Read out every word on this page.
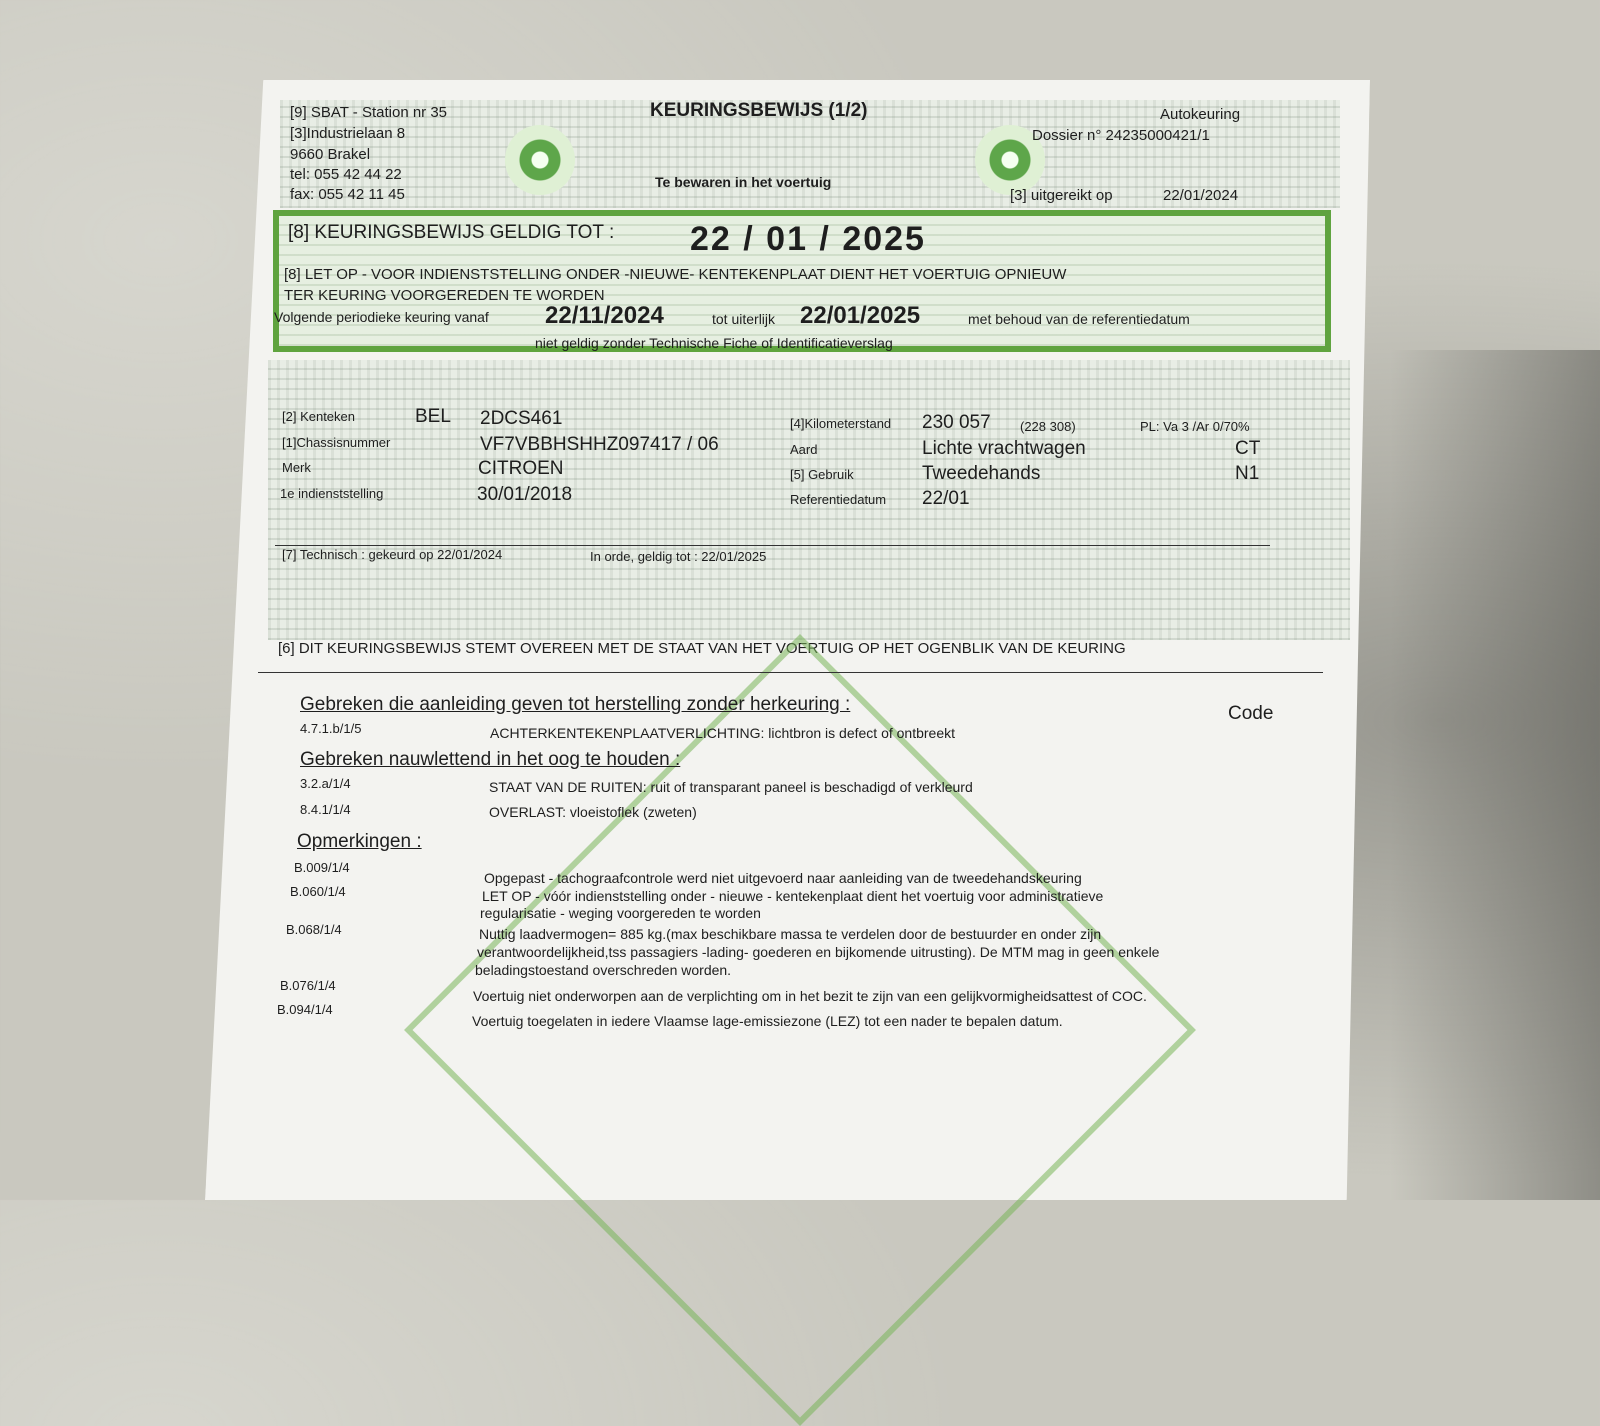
[9] SBAT - Station nr 35
[3]Industrielaan 8
9660 Brakel
tel: 055 42 44 22
fax: 055 42 11 45
KEURINGSBEWIJS (1/2)
Te bewaren in het voertuig
Autokeuring
Dossier n° 24235000421/1
[3] uitgereikt op	22/01/2024
[8] KEURINGSBEWIJS GELDIG TOT : 22 / 01 / 2025
[8] LET OP - VOOR INDIENSTSTELLING ONDER -NIEUWE- KENTEKENPLAAT DIENT HET VOERTUIG OPNIEUW
TER KEURING VOORGEREDEN TE WORDEN
Volgende periodieke keuring vanaf 22/11/2024	tot uiterlijk 22/01/2025	met behoud van de referentiedatum
niet geldig zonder Technische Fiche of Identificatieverslag
[2] Kenteken	BEL 2DCS461
[1]Chassisnummer	VF7VBBHSHHZ097417 / 06
Merk	CITROEN
1e indienststelling	30/01/2018
[4]Kilometerstand 230 057 (228 308)	PL: Va 3 /Ar 0/70%
Aard	Lichte vrachtwagen	CT
[5] Gebruik	Tweedehands	N1
Referentiedatum 22/01
[7] Technisch : gekeurd op 22/01/2024	In orde, geldig tot : 22/01/2025
[6] DIT KEURINGSBEWIJS STEMT OVEREEN MET DE STAAT VAN HET VOERTUIG OP HET OGENBLIK VAN DE KEURING
Gebreken die aanleiding geven tot herstelling zonder herkeuring :	Code
4.7.1.b/1/5	ACHTERKENTEKENPLAATVERLICHTING: lichtbron is defect of ontbreekt
Gebreken nauwlettend in het oog te houden :
3.2.a/1/4	STAAT VAN DE RUITEN: ruit of transparant paneel is beschadigd of verkleurd
8.4.1/1/4	OVERLAST: vloeistoflek (zweten)
Opmerkingen :
B.009/1/4
Opgepast - tachograafcontrole werd niet uitgevoerd naar aanleiding van de tweedehandskeuring
B.060/1/4	LET OP - vóór indienststelling onder - nieuwe - kentekenplaat dient het voertuig voor administratieve
regularisatie - weging voorgereden te worden
B.068/1/4	Nuttig laadvermogen= 885 kg.(max beschikbare massa te verdelen door de bestuurder en onder zijn
verantwoordelijkheid,tss passagiers -lading- goederen en bijkomende uitrusting). De MTM mag in geen enkele
beladingstoestand overschreden worden.
B.076/1/4
Voertuig niet onderworpen aan de verplichting om in het bezit te zijn van een gelijkvormigheidsattest of COC.
B.094/1/4
Voertuig toegelaten in iedere Vlaamse lage-emissiezone (LEZ) tot een nader te bepalen datum.
